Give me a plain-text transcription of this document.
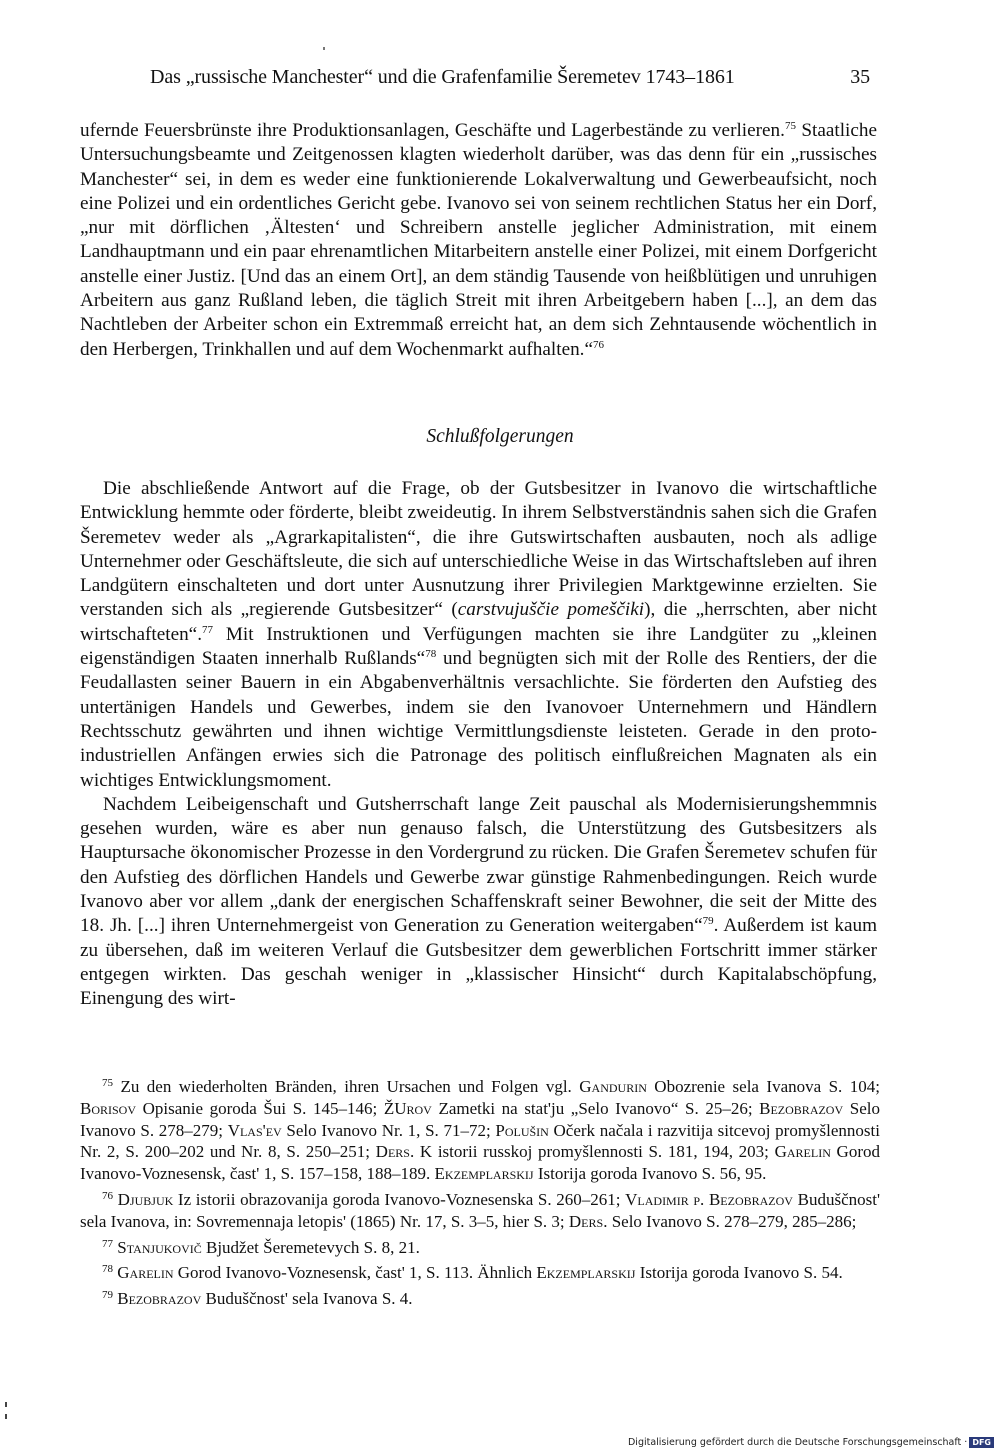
Das „russische Manchester“ und die Grafenfamilie Šeremetev 1743–1861	35

ufernde Feuersbrünste ihre Produktionsanlagen, Geschäfte und Lagerbestände zu verlieren.$^{75}$ Staatliche Untersuchungsbeamte und Zeitgenossen klagten wiederholt darüber, was das denn für ein „russisches Manchester“ sei, in dem es weder eine funktionierende Lokalverwaltung und Gewerbeaufsicht, noch eine Polizei und ein ordentliches Gericht gebe. Ivanovo sei von seinem rechtlichen Status her ein Dorf, „nur mit dörflichen ‚Ältesten‘ und Schreibern anstelle jeglicher Administration, mit einem Landhauptmann und ein paar ehrenamtlichen Mitarbeitern anstelle einer Polizei, mit einem Dorfgericht anstelle einer Justiz. [Und das an einem Ort], an dem ständig Tausende von heißblütigen und unruhigen Arbeitern aus ganz Rußland leben, die täglich Streit mit ihren Arbeitgebern haben [...], an dem das Nachtleben der Arbeiter schon ein Extremmaß erreicht hat, an dem sich Zehntausende wöchentlich in den Herbergen, Trinkhallen und auf dem Wochenmarkt aufhalten.“$^{76}$

Schlußfolgerungen

Die abschließende Antwort auf die Frage, ob der Gutsbesitzer in Ivanovo die wirtschaftliche Entwicklung hemmte oder förderte, bleibt zweideutig. In ihrem Selbstverständnis sahen sich die Grafen Šeremetev weder als „Agrarkapitalisten“, die ihre Gutswirtschaften ausbauten, noch als adlige Unternehmer oder Geschäftsleute, die sich auf unterschiedliche Weise in das Wirtschaftsleben auf ihren Landgütern einschalteten und dort unter Ausnutzung ihrer Privilegien Marktgewinne erzielten. Sie verstanden sich als „regierende Gutsbesitzer“ (carstvujuščie pomeščiki), die „herrschten, aber nicht wirtschafteten“.$^{77}$ Mit Instruktionen und Verfügungen machten sie ihre Landgüter zu „kleinen eigenständigen Staaten innerhalb Rußlands“$^{78}$ und begnügten sich mit der Rolle des Rentiers, der die Feudallasten seiner Bauern in ein Abgabenverhältnis versachlichte. Sie förderten den Aufstieg des untertänigen Handels und Gewerbes, indem sie den Ivanovoer Unternehmern und Händlern Rechtsschutz gewährten und ihnen wichtige Vermittlungsdienste leisteten. Gerade in den proto-industriellen Anfängen erwies sich die Patronage des politisch einflußreichen Magnaten als ein wichtiges Entwicklungsmoment.

Nachdem Leibeigenschaft und Gutsherrschaft lange Zeit pauschal als Modernisierungshemmnis gesehen wurden, wäre es aber nun genauso falsch, die Unterstützung des Gutsbesitzers als Hauptursache ökonomischer Prozesse in den Vordergrund zu rücken. Die Grafen Šeremetev schufen für den Aufstieg des dörflichen Handels und Gewerbe zwar günstige Rahmenbedingungen. Reich wurde Ivanovo aber vor allem „dank der energischen Schaffenskraft seiner Bewohner, die seit der Mitte des 18. Jh. [...] ihren Unternehmergeist von Generation zu Generation weitergaben“$^{79}$. Außerdem ist kaum zu übersehen, daß im weiteren Verlauf die Gutsbesitzer dem gewerblichen Fortschritt immer stärker entgegen wirkten. Das geschah weniger in „klassischer Hinsicht“ durch Kapitalabschöpfung, Einengung des wirt-

$^{75}$ Zu den wiederholten Bränden, ihren Ursachen und Folgen vgl. Gandurin Obozrenie sela Ivanova S. 104; Borisov Opisanie goroda Šui S. 145–146; ŽUrov Zametki na stat'ju „Selo Ivanovo“ S. 25–26; Bezobrazov Selo Ivanovo S. 278–279; Vlas'ev Selo Ivanovo Nr. 1, S. 71–72; Polušin Očerk načala i razvitija sitcevoj promyšlennosti Nr. 2, S. 200–202 und Nr. 8, S. 250–251; Ders. K istorii russkoj promyšlennosti S. 181, 194, 203; Garelin Gorod Ivanovo-Voznesensk, čast' 1, S. 157–158, 188–189. Ekzemplarskij Istorija goroda Ivanovo S. 56, 95.

$^{76}$ Djubjuk Iz istorii obrazovanija goroda Ivanovo-Voznesenska S. 260–261; Vladimir p. Bezobrazov Buduščnost' sela Ivanova, in: Sovremennaja letopis' (1865) Nr. 17, S. 3–5, hier S. 3; Ders. Selo Ivanovo S. 278–279, 285–286;

$^{77}$ Stanjukovič Bjudžet Šeremetevych S. 8, 21.

$^{78}$ Garelin Gorod Ivanovo-Voznesensk, čast' 1, S. 113. Ähnlich Ekzemplarskij Istorija goroda Ivanovo S. 54.

$^{79}$ Bezobrazov Buduščnost' sela Ivanova S. 4.

Digitalisierung gefördert durch die Deutsche Forschungsgemeinschaft · DFG
